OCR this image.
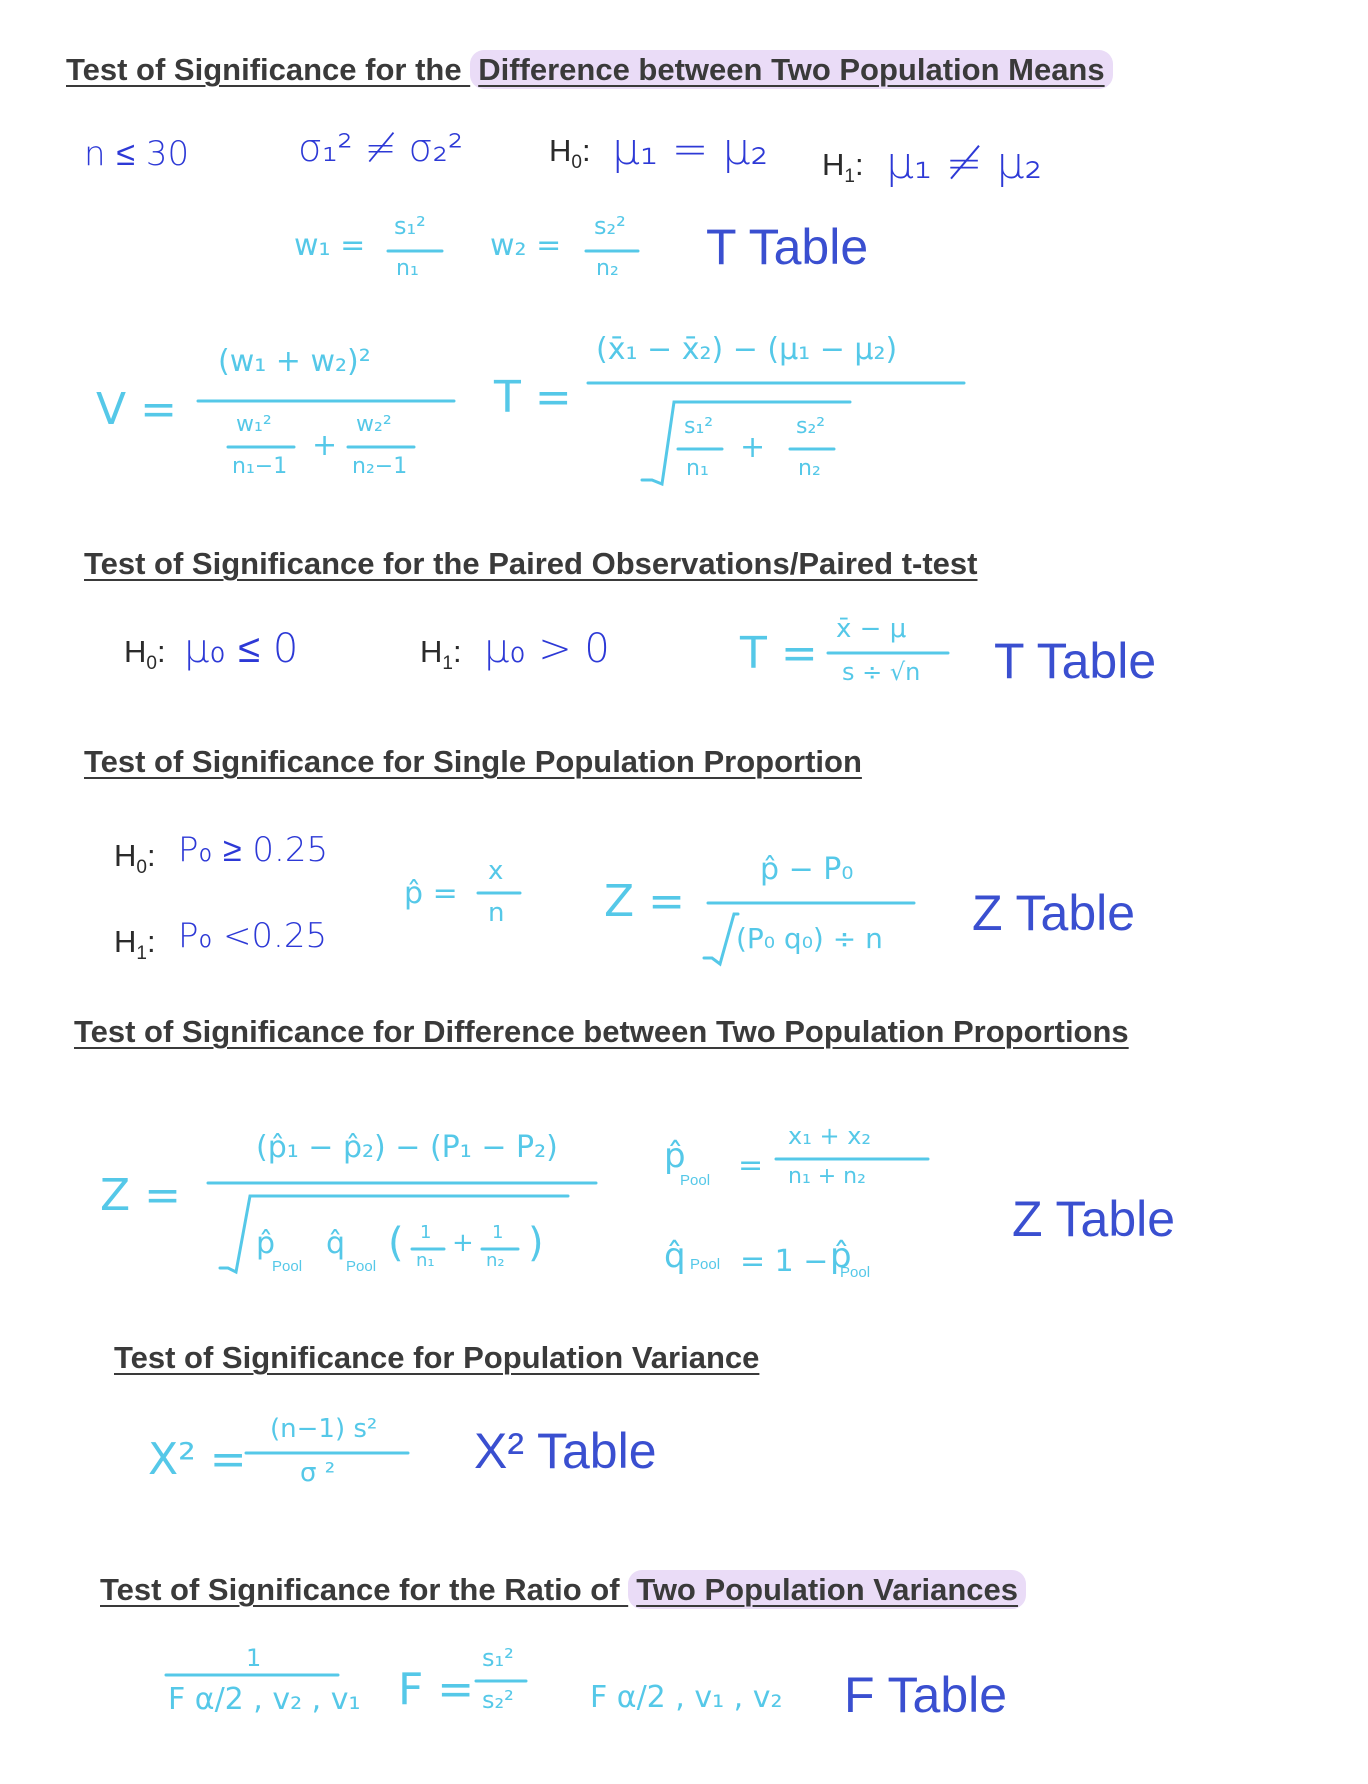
Test of Significance for the Difference between Two Population Means
n ≤ 30	σ₁² ≠ σ₂²	$H_0$: μ₁ = μ₂ $H_1$: μ₁ ≠ μ₂
w₁ =
s₁²
n₁
w₂ =
s₂²
n₂ T Table
V =
(w₁ + w₂)²
w₁²
n₁−1
+
w₂²
n₂−1
T =
(x̄₁ − x̄₂) − (μ₁ − μ₂)
s₁²
n₁
+
s₂²
n₂
Test of Significance for the Paired Observations/Paired t-test
$H_0$: μ₀ ≤ 0	$H_1$: μ₀ > 0	T = x̄ − μ
s ÷ √n T Table
Test of Significance for Single Population Proportion
$H_0$: P₀ ≥ 0.25
$H_1$: P₀ <0.25
p̂ =
x
n Z =
p̂ − P₀
(P₀ q₀) ÷ n Z Table
Test of Significance for Difference between Two Population Proportions
Z =
(p̂₁ − p̂₂) − (P₁ − P₂)
p̂
Pool
q̂
Pool
( 1
n₁
+ 1
n₂ )
p̂
Pool =
x₁ + x₂
n₁ + n₂
q̂ Pool = 1 − p̂
Pool
Z Table
Test of Significance for Population Variance
X² =
(n−1) s²
σ ²	X² Table
Test of Significance for the Ratio of Two Population Variances
1
F α/2 , v₂ , v₁ F =
s₁²
s₂²	F α/2 , v₁ , v₂ F Table
